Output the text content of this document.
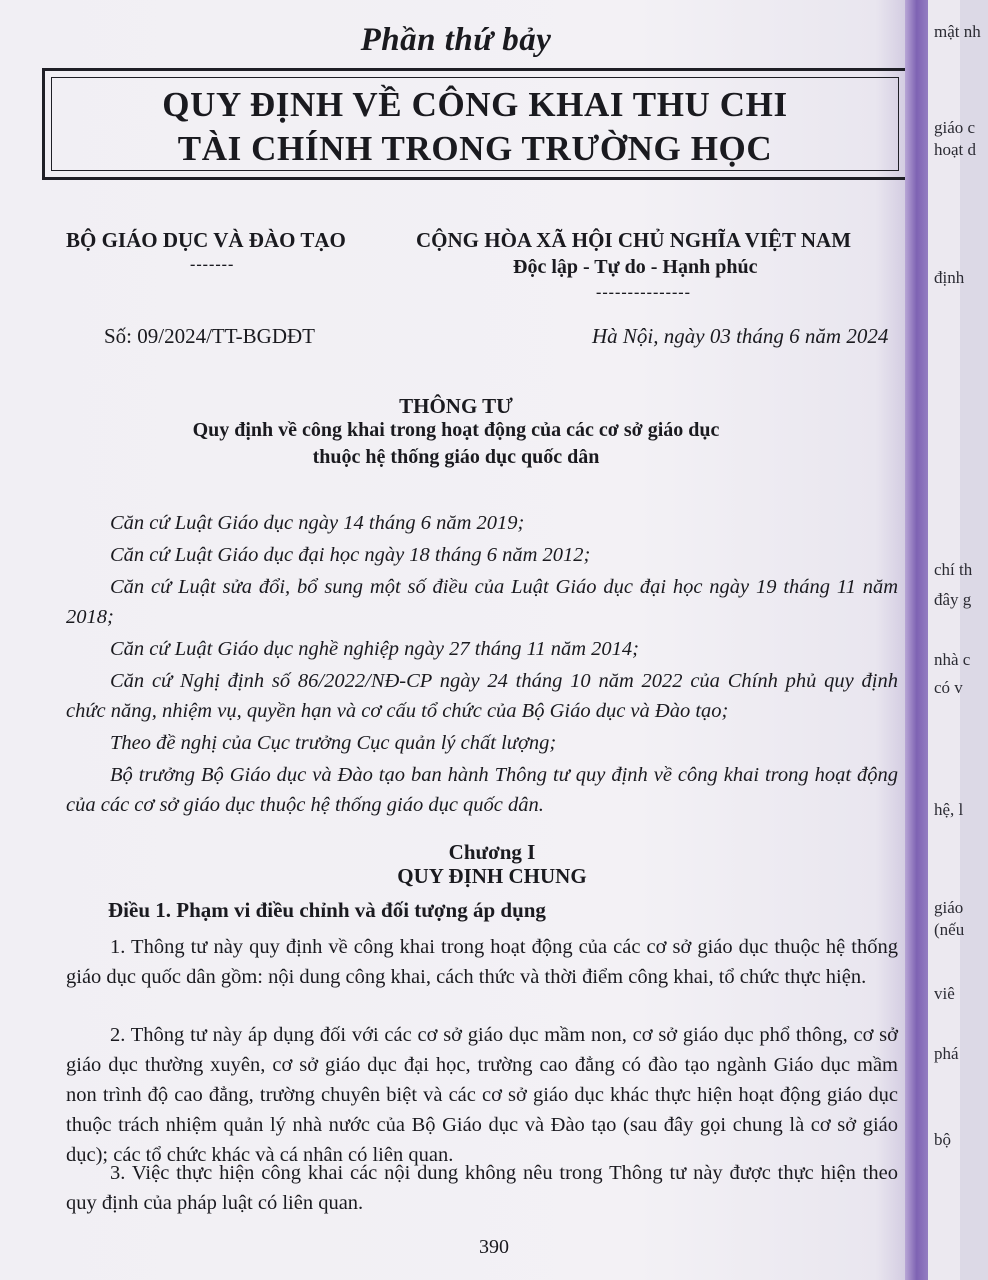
Phần thứ bảy
QUY ĐỊNH VỀ CÔNG KHAI THU CHI
TÀI CHÍNH TRONG TRƯỜNG HỌC
BỘ GIÁO DỤC VÀ ĐÀO TẠO
-------
CỘNG HÒA XÃ HỘI CHỦ NGHĨA VIỆT NAM
Độc lập - Tự do - Hạnh phúc
---------------
Số: 09/2024/TT-BGDĐT	Hà Nội, ngày 03 tháng 6 năm 2024
THÔNG TƯ
Quy định về công khai trong hoạt động của các cơ sở giáo dục
thuộc hệ thống giáo dục quốc dân
Căn cứ Luật Giáo dục ngày 14 tháng 6 năm 2019;
Căn cứ Luật Giáo dục đại học ngày 18 tháng 6 năm 2012;
Căn cứ Luật sửa đổi, bổ sung một số điều của Luật Giáo dục đại học ngày 19 tháng 11 năm 2018;
Căn cứ Luật Giáo dục nghề nghiệp ngày 27 tháng 11 năm 2014;
Căn cứ Nghị định số 86/2022/NĐ-CP ngày 24 tháng 10 năm 2022 của Chính phủ quy định chức năng, nhiệm vụ, quyền hạn và cơ cấu tổ chức của Bộ Giáo dục và Đào tạo;
Theo đề nghị của Cục trưởng Cục quản lý chất lượng;
Bộ trưởng Bộ Giáo dục và Đào tạo ban hành Thông tư quy định về công khai trong hoạt động của các cơ sở giáo dục thuộc hệ thống giáo dục quốc dân.
Chương I
QUY ĐỊNH CHUNG
Điều 1. Phạm vi điều chỉnh và đối tượng áp dụng
1. Thông tư này quy định về công khai trong hoạt động của các cơ sở giáo dục thuộc hệ thống giáo dục quốc dân gồm: nội dung công khai, cách thức và thời điểm công khai, tổ chức thực hiện.
2. Thông tư này áp dụng đối với các cơ sở giáo dục mầm non, cơ sở giáo dục phổ thông, cơ sở giáo dục thường xuyên, cơ sở giáo dục đại học, trường cao đẳng có đào tạo ngành Giáo dục mầm non trình độ cao đẳng, trường chuyên biệt và các cơ sở giáo dục khác thực hiện hoạt động giáo dục thuộc trách nhiệm quản lý nhà nước của Bộ Giáo dục và Đào tạo (sau đây gọi chung là cơ sở giáo dục); các tổ chức khác và cá nhân có liên quan.
3. Việc thực hiện công khai các nội dung không nêu trong Thông tư này được thực hiện theo quy định của pháp luật có liên quan.
390
mật nh
giáo c
hoạt d
định
chí th
đây g
nhà c
có v
hệ, l
giáo
(nếu
viê
phá
bộ
